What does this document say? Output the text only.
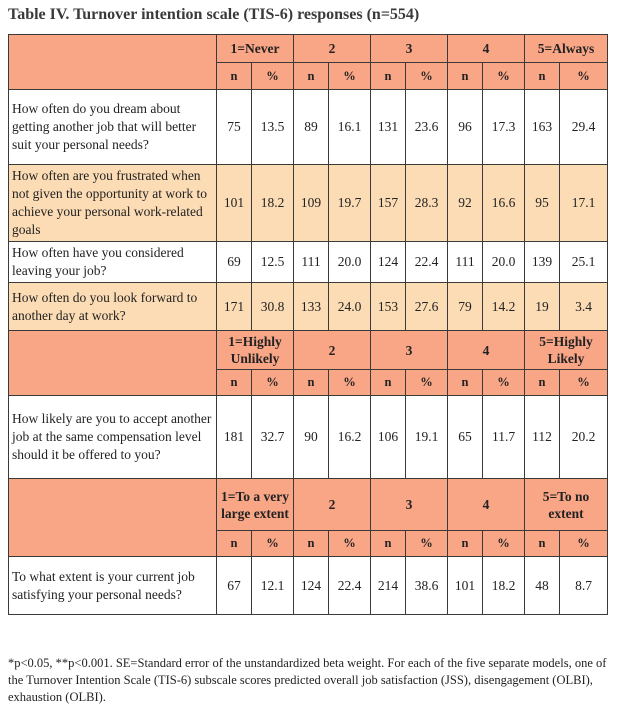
Table IV. Turnover intention scale (TIS-6) responses (n=554)
	1=Never		2		3		4		5=Always	
	n	%	n	%	n	%	n	%	n	%
How often do you dream about getting another job that will better suit your personal needs?	75	13.5	89	16.1	131	23.6	96	17.3	163	29.4
How often are you frustrated when not given the opportunity at work to achieve your personal work-related goals	101	18.2	109	19.7	157	28.3	92	16.6	95	17.1
How often have you considered leaving your job?	69	12.5	111	20.0	124	22.4	111	20.0	139	25.1
How often do you look forward to another day at work?	171	30.8	133	24.0	153	27.6	79	14.2	19	3.4
	1=Highly Unlikely		2		3		4		5=Highly Likely	
	n	%	n	%	n	%	n	%	n	%
How likely are you to accept another job at the same compensation level should it be offered to you?	181	32.7	90	16.2	106	19.1	65	11.7	112	20.2
	1=To a very large extent		2		3		4		5=To no extent	
	n	%	n	%	n	%	n	%	n	%
To what extent is your current job satisfying your personal needs?	67	12.1	124	22.4	214	38.6	101	18.2	48	8.7
*p<0.05, **p<0.001. SE=Standard error of the unstandardized beta weight. For each of the five separate models, one of the Turnover Intention Scale (TIS-6) subscale scores predicted overall job satisfaction (JSS), disengagement (OLBI), exhaustion (OLBI).
